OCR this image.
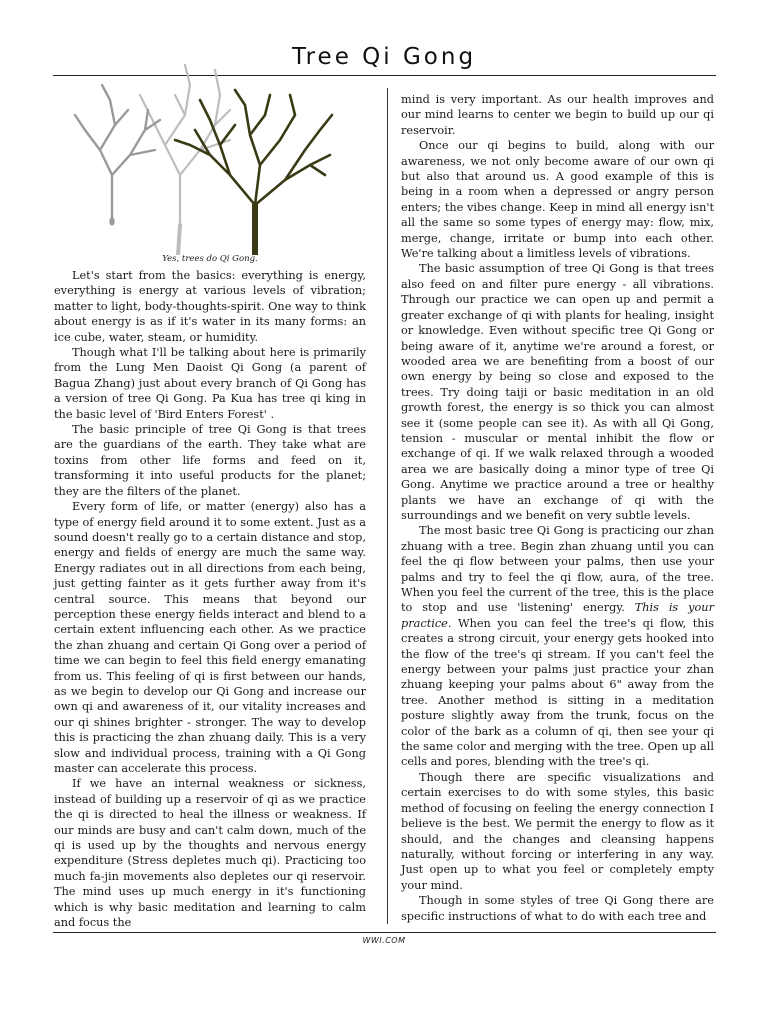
Tree Qi Gong
Yes, trees do Qi Gong.

Let's start from the basics: everything is energy, everything is energy at various levels of vibration; matter to light, body-thoughts-spirit. One way to think about energy is as if it's water in its many forms: an ice cube, water, steam, or humidity.

Though what I'll be talking about here is primarily from the Lung Men Daoist Qi Gong (a parent of Bagua Zhang) just about every branch of Qi Gong has a version of tree Qi Gong. Pa Kua has tree qi king in the basic level of 'Bird Enters Forest' .

The basic principle of tree Qi Gong is that trees are the guardians of the earth. They take what are toxins from other life forms and feed on it, transforming it into useful products for the planet; they are the filters of the planet.

Every form of life, or matter (energy) also has a type of energy field around it to some extent. Just as a sound doesn't really go to a certain distance and stop, energy and fields of energy are much the same way. Energy radiates out in all directions from each being, just getting fainter as it gets further away from it's central source. This means that beyond our perception these energy fields interact and blend to a certain extent influencing each other. As we practice the zhan zhuang and certain Qi Gong over a period of time we can begin to feel this field energy emanating from us. This feeling of qi is first between our hands, as we begin to develop our Qi Gong and increase our own qi and awareness of it, our vitality increases and our qi shines brighter - stronger. The way to develop this is practicing the zhan zhuang daily. This is a very slow and individual process, training with a Qi Gong master can accelerate this process.

If we have an internal weakness or sickness, instead of building up a reservoir of qi as we practice the qi is directed to heal the illness or weakness. If our minds are busy and can't calm down, much of the qi is used up by the thoughts and nervous energy expenditure (Stress depletes much qi). Practicing too much fa-jin movements also depletes our qi reservoir. The mind uses up much energy in it's functioning which is why basic meditation and learning to calm and focus the

mind is very important. As our health improves and our mind learns to center we begin to build up our qi reservoir.

Once our qi begins to build, along with our awareness, we not only become aware of our own qi but also that around us. A good example of this is being in a room when a depressed or angry person enters; the vibes change. Keep in mind all energy isn't all the same so some types of energy may: flow, mix, merge, change, irritate or bump into each other. We're talking about a limitless levels of vibrations.

The basic assumption of tree Qi Gong is that trees also feed on and filter pure energy - all vibrations. Through our practice we can open up and permit a greater exchange of qi with plants for healing, insight or knowledge. Even without specific tree Qi Gong or being aware of it, anytime we're around a forest, or wooded area we are benefiting from a boost of our own energy by being so close and exposed to the trees. Try doing taiji or basic meditation in an old growth forest, the energy is so thick you can almost see it (some people can see it). As with all Qi Gong, tension - muscular or mental inhibit the flow or exchange of qi. If we walk relaxed through a wooded area we are basically doing a minor type of tree Qi Gong. Anytime we practice around a tree or healthy plants we have an exchange of qi with the surroundings and we benefit on very subtle levels.

The most basic tree Qi Gong is practicing our zhan zhuang with a tree. Begin zhan zhuang until you can feel the qi flow between your palms, then use your palms and try to feel the qi flow, aura, of the tree. When you feel the current of the tree, this is the place to stop and use 'listening' energy. This is your practice. When you can feel the tree's qi flow, this creates a strong circuit, your energy gets hooked into the flow of the tree's qi stream. If you can't feel the energy between your palms just practice your zhan zhuang keeping your palms about 6" away from the tree. Another method is sitting in a meditation posture slightly away from the trunk, focus on the color of the bark as a column of qi, then see your qi the same color and merging with the tree. Open up all cells and pores, blending with the tree's qi.

Though there are specific visualizations and certain exercises to do with some styles, this basic method of focusing on feeling the energy connection I believe is the best. We permit the energy to flow as it should, and the changes and cleansing happens naturally, without forcing or interfering in any way. Just open up to what you feel or completely empty your mind.

Though in some styles of tree Qi Gong there are specific instructions of what to do with each tree and

WWI.COM
